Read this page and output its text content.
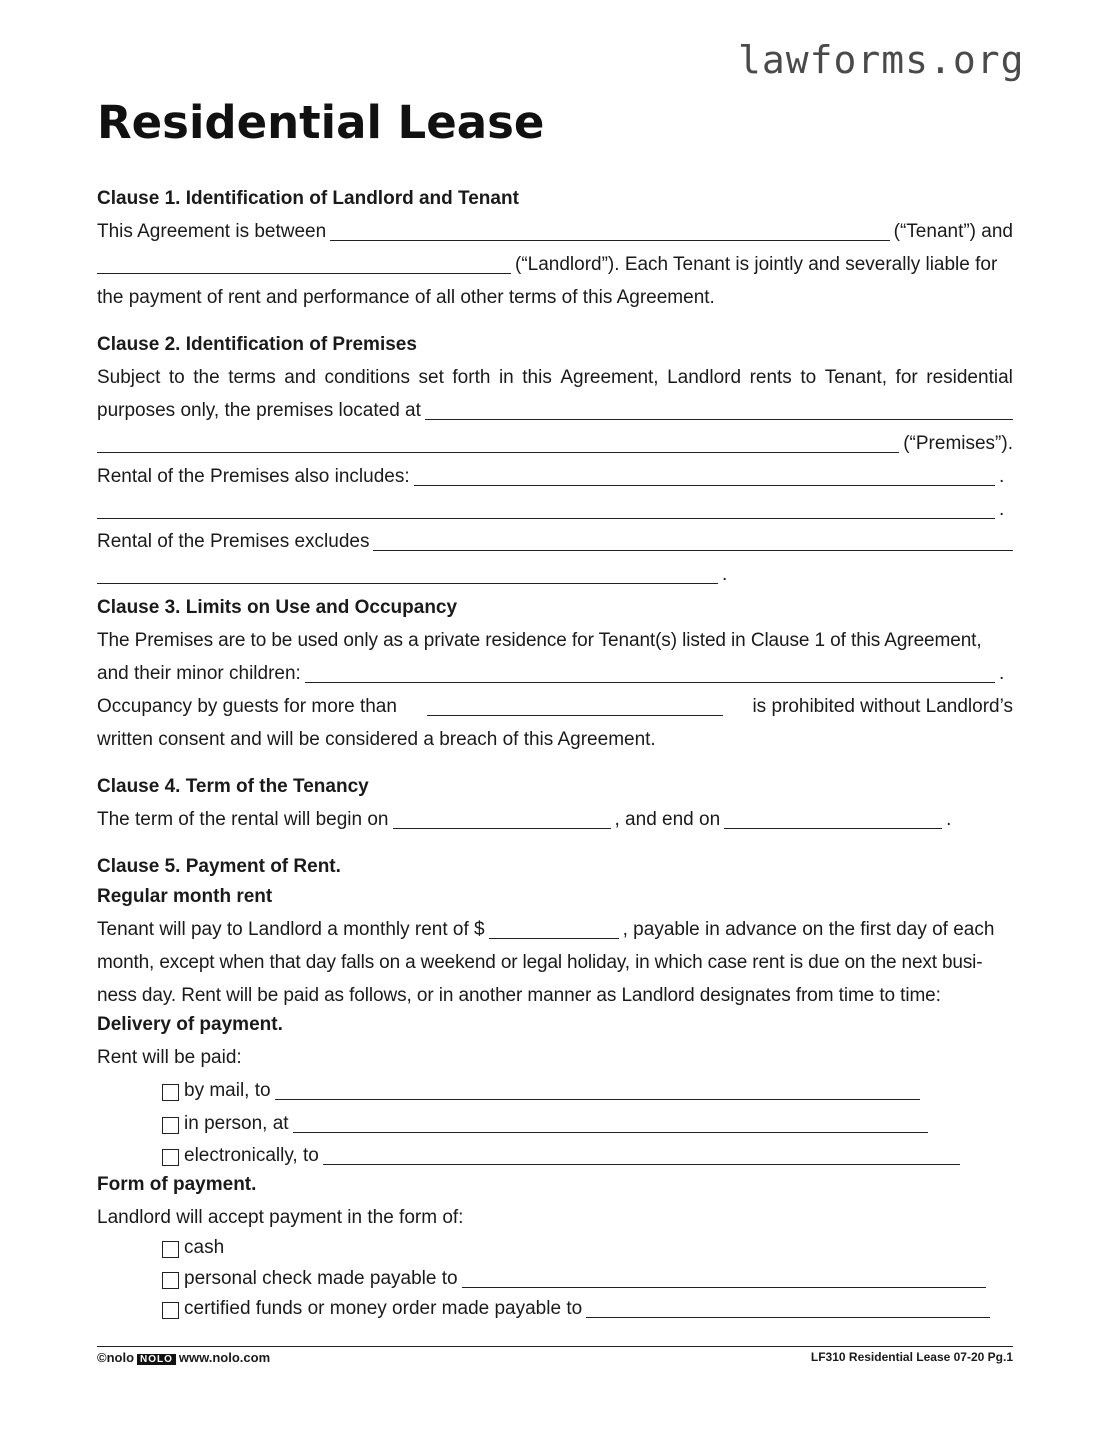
lawforms.org
Residential Lease
Clause 1. Identification of Landlord and Tenant
This Agreement is between	(“Tenant”) and
(“Landlord”). Each Tenant is jointly and severally liable for
the payment of rent and performance of all other terms of this Agreement.
Clause 2. Identification of Premises
Subject to the terms and conditions set forth in this Agreement, Landlord rents to Tenant, for residential
purposes only, the premises located at
(“Premises”).
Rental of the Premises also includes:	.
.
Rental of the Premises excludes
.
Clause 3. Limits on Use and Occupancy
The Premises are to be used only as a private residence for Tenant(s) listed in Clause 1 of this Agreement,
and their minor children:	.
Occupancy by guests for more than	is prohibited without Landlord’s
written consent and will be considered a breach of this Agreement.
Clause 4. Term of the Tenancy
The term of the rental will begin on	, and end on	.
Clause 5. Payment of Rent.
Regular month rent
Tenant will pay to Landlord a monthly rent of $	, payable in advance on the first day of each
month, except when that day falls on a weekend or legal holiday, in which case rent is due on the next busi-
ness day. Rent will be paid as follows, or in another manner as Landlord designates from time to time:
Delivery of payment.
Rent will be paid:
by mail, to
in person, at
electronically, to
Form of payment.
Landlord will accept payment in the form of:
cash
personal check made payable to
certified funds or money order made payable to
©nolo NOLO www.nolo.com	LF310 Residential Lease 07-20 Pg.1
